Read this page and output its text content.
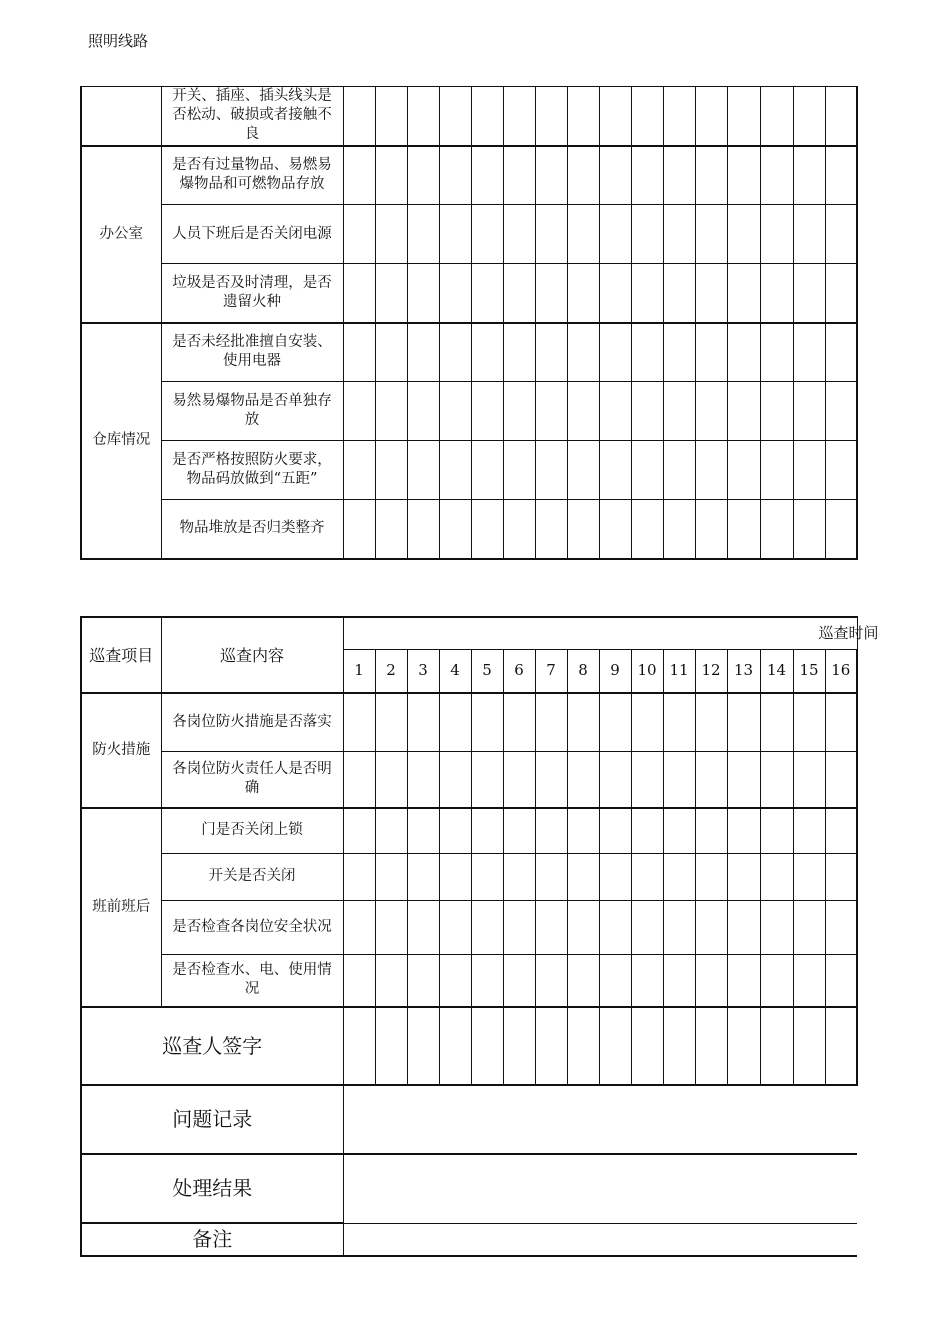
照明线路
	开关、插座、插头线头是否松动、破损或者接触不良																
办公室	是否有过量物品、易燃易爆物品和可燃物品存放																
	人员下班后是否关闭电源																
	垃圾是否及时清理，是否遗留火种																
仓库情况	是否未经批准擅自安装、使用电器																
	易然易爆物品是否单独存放																
	是否严格按照防火要求，物品码放做到“五距”																
	物品堆放是否归类整齐																
巡查项目	巡查内容	巡查时间															

		1	2	3	4	5	6	7	8	9	10	11	12	13	14	15	16
防火措施	各岗位防火措施是否落实																
	各岗位防火责任人是否明确																
班前班后	门是否关闭上锁																
	开关是否关闭																
	是否检查各岗位安全状况																
	是否检查水、电、使用情况																
巡查人签字																	
问题记录																	
处理结果																	
备注																	
